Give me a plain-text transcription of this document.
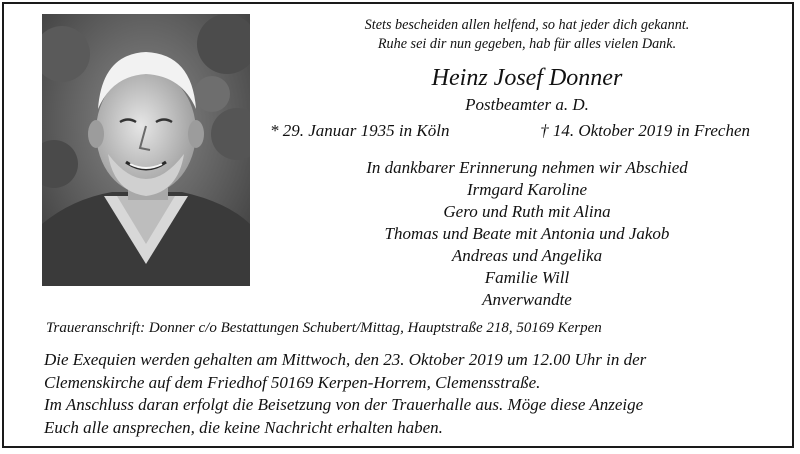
Stets bescheiden allen helfend, so hat jeder dich gekannt.
Ruhe sei dir nun gegeben, hab für alles vielen Dank.
Heinz Josef Donner
Postbeamter a. D.
* 29. Januar 1935 in Köln	† 14. Oktober 2019 in Frechen
In dankbarer Erinnerung nehmen wir Abschied
Irmgard Karoline
Gero und Ruth mit Alina
Thomas und Beate mit Antonia und Jakob
Andreas und Angelika
Familie Will
Anverwandte
Traueranschrift: Donner c/o Bestattungen Schubert/Mittag, Hauptstraße 218, 50169 Kerpen
Die Exequien werden gehalten am Mittwoch, den 23. Oktober 2019 um 12.00 Uhr in der
Clemenskirche auf dem Friedhof 50169 Kerpen-Horrem, Clemensstraße.
Im Anschluss daran erfolgt die Beisetzung von der Trauerhalle aus. Möge diese Anzeige
Euch alle ansprechen, die keine Nachricht erhalten haben.
